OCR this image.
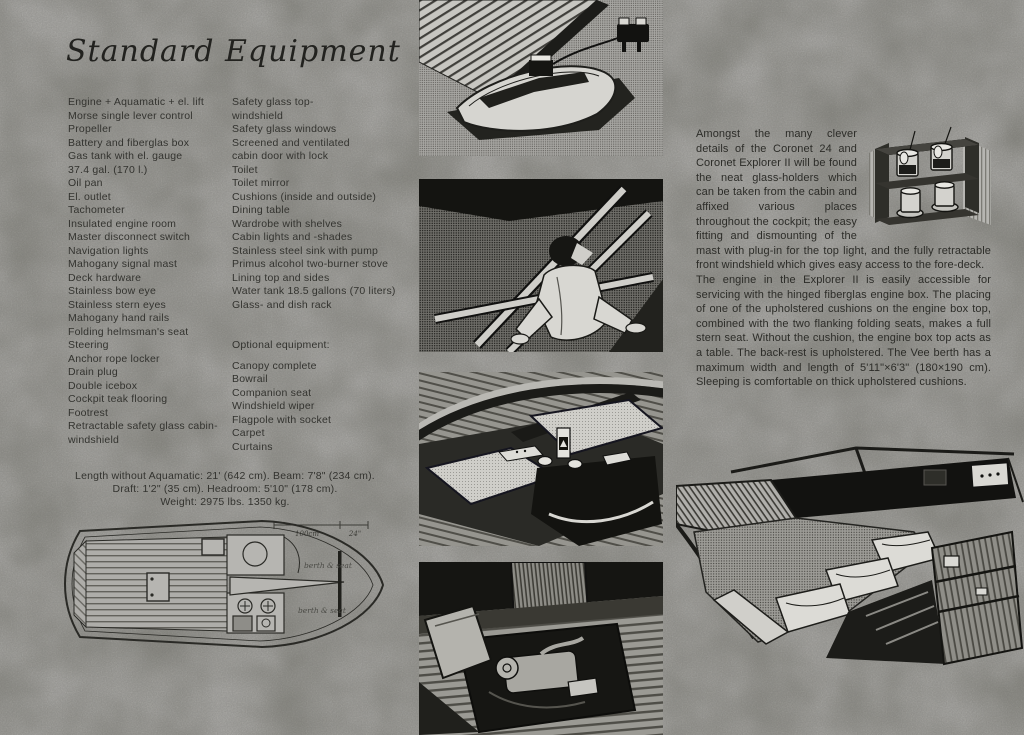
Standard Equipment
Engine + Aquamatic + el. lift
Morse single lever control
Propeller
Battery and fiberglas box
Gas tank with el. gauge
37.4 gal. (170 l.)
Oil pan
El. outlet
Tachometer
Insulated engine room
Master disconnect switch
Navigation lights
Mahogany signal mast
Deck hardware
Stainless bow eye
Stainless stern eyes
Mahogany hand rails
Folding helmsman's seat
Steering
Anchor rope locker
Drain plug
Double icebox
Cockpit teak flooring
Footrest
Retractable safety glass cabin-
windshield
Safety glass top-
windshield
Safety glass windows
Screened and ventilated
cabin door with lock
Toilet
Toilet mirror
Cushions (inside and outside)
Dining table
Wardrobe with shelves
Cabin lights and -shades
Stainless steel sink with pump
Primus alcohol two-burner stove
Lining top and sides
Water tank 18.5 gallons (70 liters)
Glass- and dish rack
Optional equipment:
Canopy complete
Bowrail
Companion seat
Windshield wiper
Flagpole with socket
Carpet
Curtains
Length without Aquamatic: 21' (642 cm). Beam: 7'8" (234 cm).
Draft: 1'2" (35 cm). Headroom: 5'10" (178 cm).
Weight: 2975 lbs. 1350 kg.
100cm	24"
berth & seat
berth & seat

Amongst the many clever details of the Coronet 24 and Coronet Explorer II will be found the neat glass-holders which can be taken from the cabin and affixed various places throughout the cockpit; the easy fitting and dismounting of the mast with plug-in for the top light, and the fully retractable front windshield which gives easy access to the fore-deck.

The engine in the Explorer II is easily accessible for servicing with the hinged fiberglas engine box. The placing of one of the upholstered cushions on the engine box top, combined with the two flanking folding seats, makes a full stern seat. Without the cushion, the engine box top acts as a table. The back-rest is upholstered. The Vee berth has a maximum width and length of 5'11"×6'3" (180×190 cm). Sleeping is comfortable on thick upholstered cushions.
